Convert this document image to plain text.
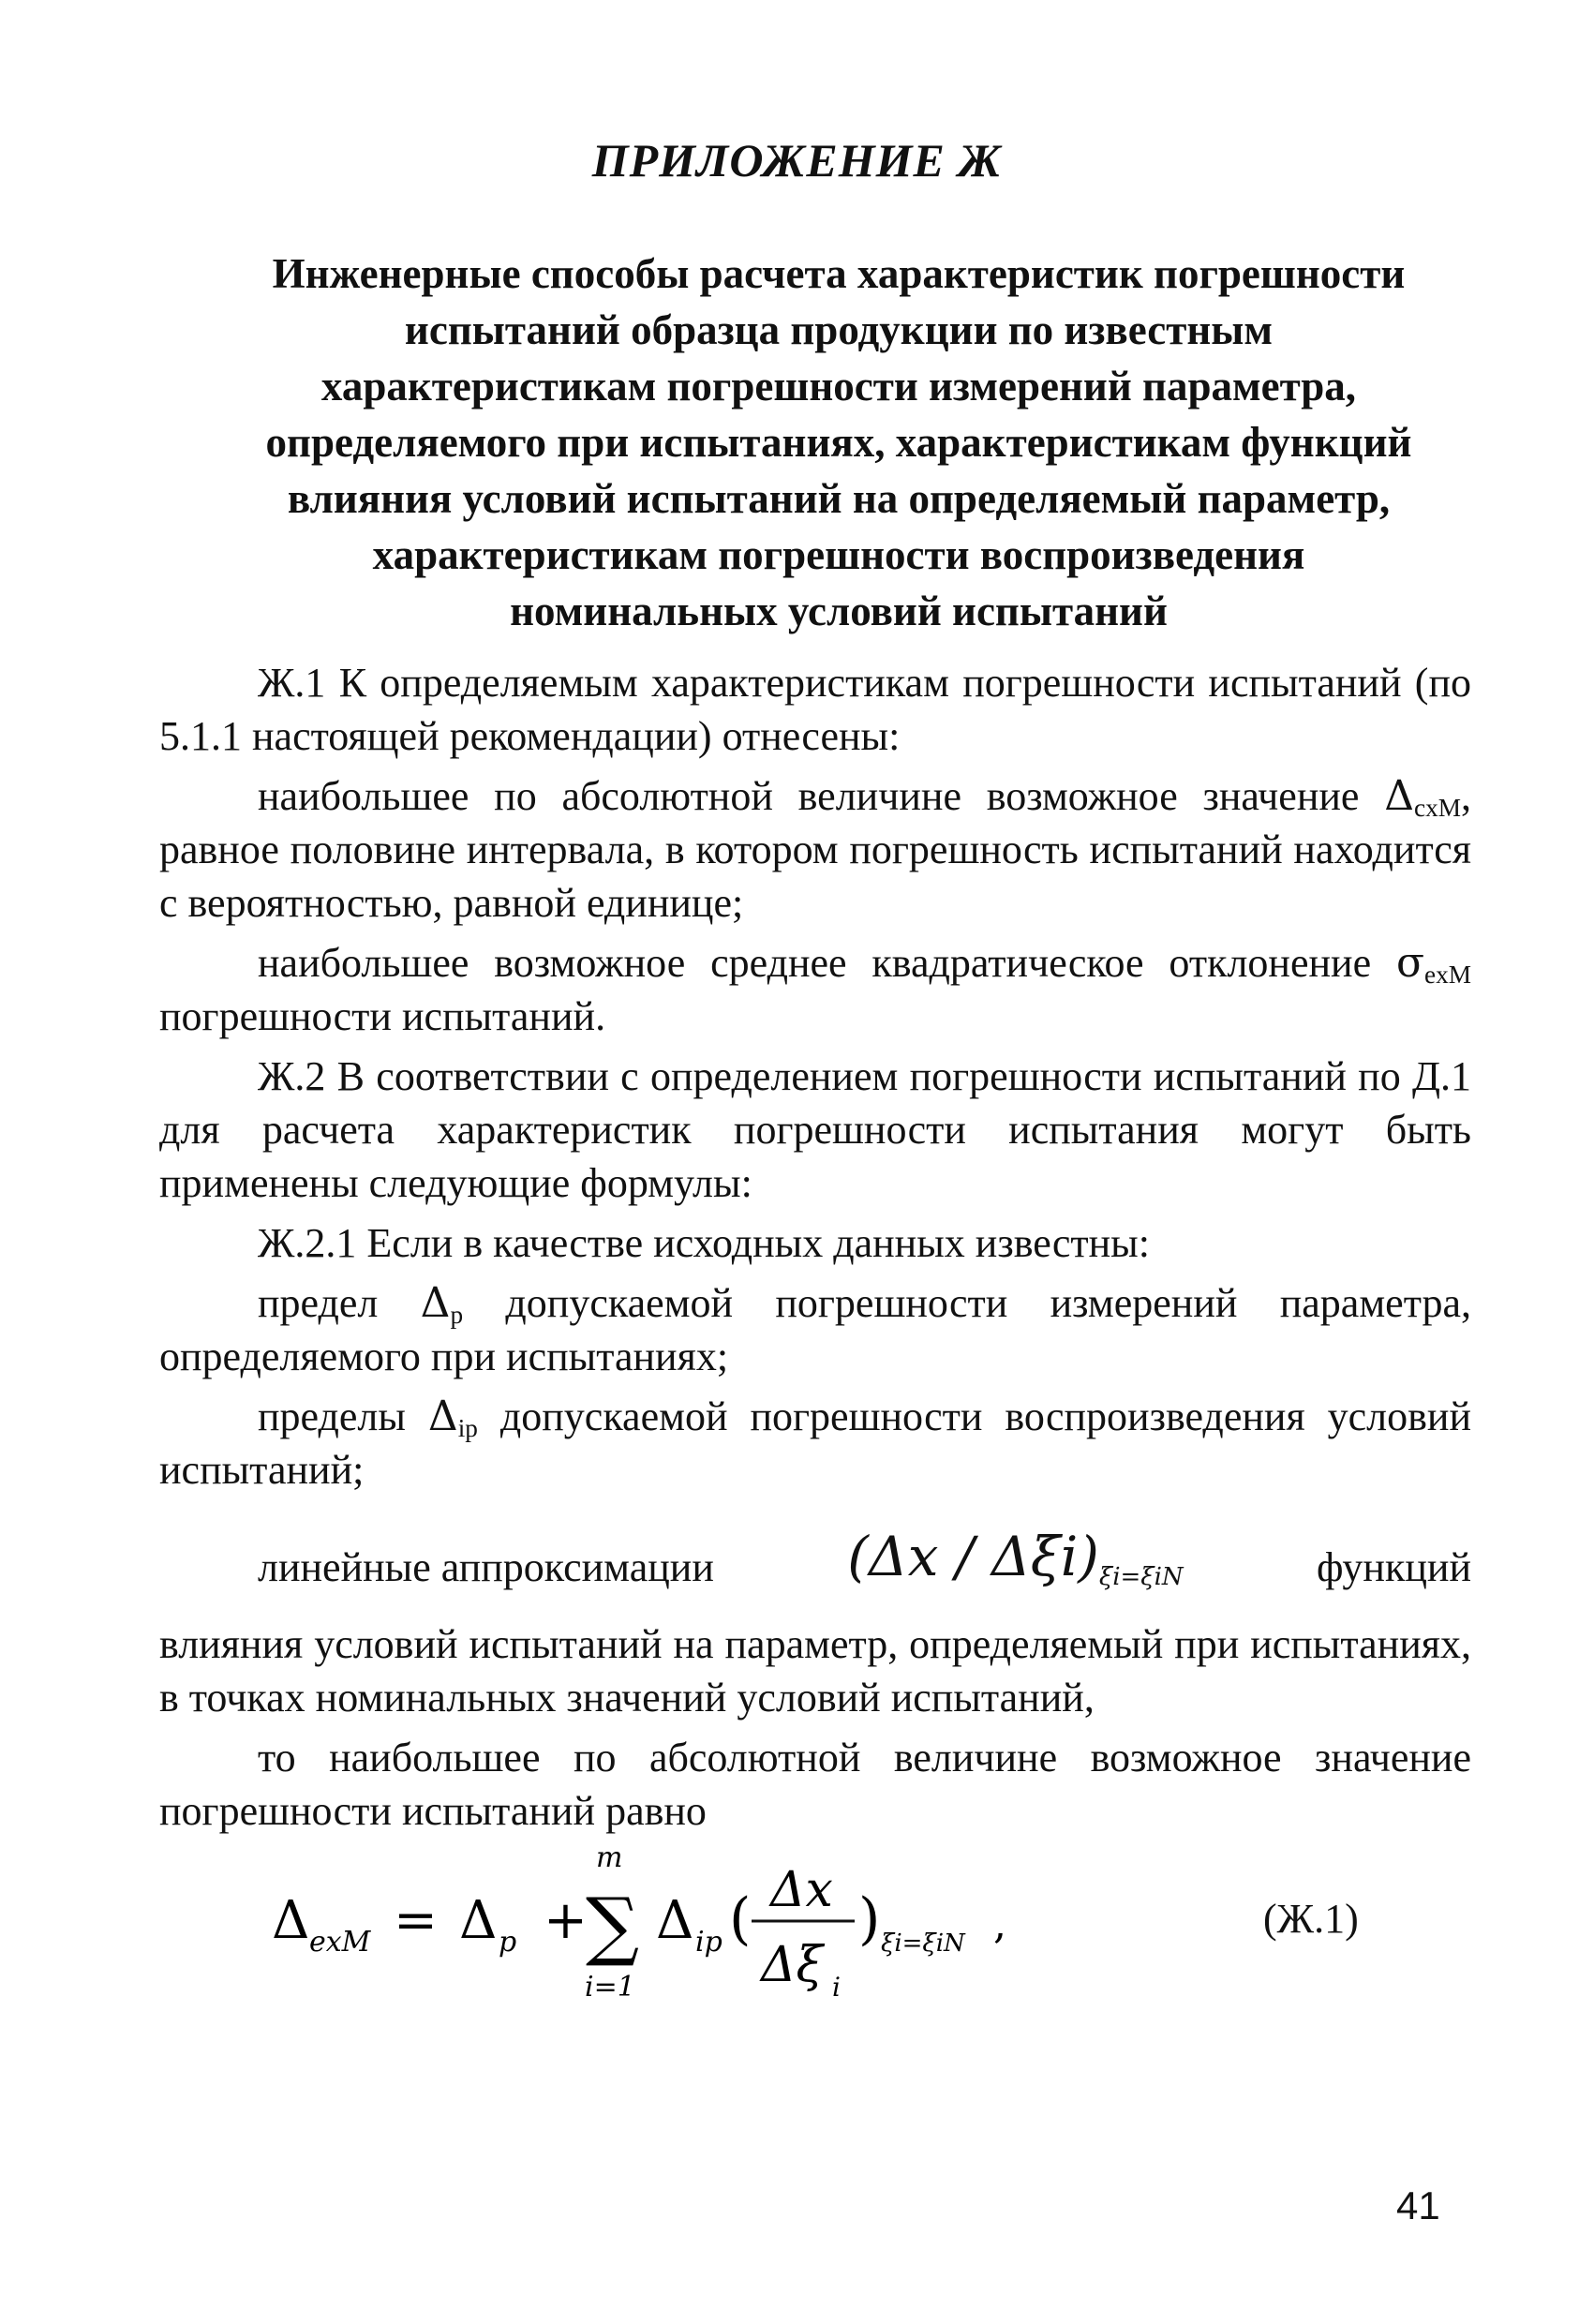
ПРИЛОЖЕНИЕ Ж
Инженерные способы расчета характеристик погрешности испытаний образца продукции по известным характеристикам погрешности измерений параметра, определяемого при испытаниях, характеристикам функций влияния условий испытаний на определяемый параметр, характеристикам погрешности воспроизведения номинальных условий испытаний

Ж.1 К определяемым характеристикам погрешности испытаний (по 5.1.1 настоящей рекомендации) отнесены:

наибольшее по абсолютной величине возможное значение $\Delta_{cxM}$, равное половине интервала, в котором погрешность испытаний находится с вероятностью, равной единице;

наибольшее возможное среднее квадратическое отклонение $\sigma_{exM}$ погрешности испытаний.

Ж.2 В соответствии с определением погрешности испытаний по Д.1 для расчета характеристик погрешности испытания могут быть применены следующие формулы:

Ж.2.1 Если в качестве исходных данных известны:

предел $\Delta_p$ допускаемой погрешности измерений параметра, определяемого при испытаниях;

пределы $\Delta_{ip}$ допускаемой погрешности воспроизведения условий испытаний;

линейные аппроксимации (Δx / Δξi)ξi=ξiN	функций
влияния условий испытаний на параметр, определяемый при испытаниях, в точках номинальных значений условий испытаний,

то наибольшее по абсолютной величине возможное значение погрешности испытаний равно

Δ exM = Δ p +
m
∑
i=1
Δ ip ( Δx
Δξ i
) ξi=ξiN ,	(Ж.1)
41
